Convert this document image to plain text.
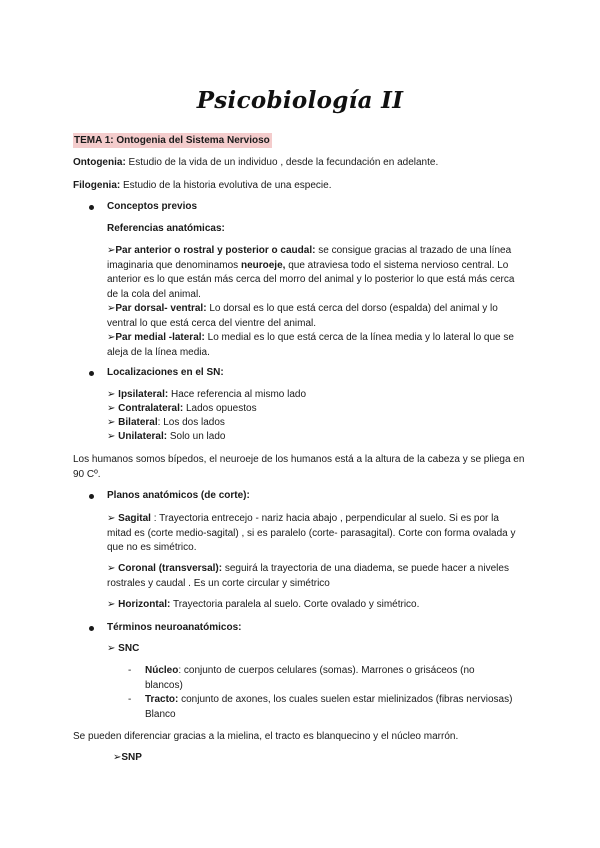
Psicobiología II
TEMA 1: Ontogenia del Sistema Nervioso
Ontogenia: Estudio de la vida de un individuo , desde la fecundación en adelante.
Filogenia: Estudio de la historia evolutiva de una especie.
Conceptos previos
Referencias anatómicas:
➢Par anterior o rostral y posterior o caudal: se consigue gracias al trazado de una línea imaginaria que denominamos neuroeje, que atraviesa todo el sistema nervioso central. Lo anterior es lo que están más cerca del morro del animal y lo posterior lo que está más cerca de la cola del animal.
➢Par dorsal- ventral: Lo dorsal es lo que está cerca del dorso (espalda) del animal y lo ventral lo que está cerca del vientre del animal.
➢Par medial -lateral: Lo medial es lo que está cerca de la línea media y lo lateral lo que se aleja de la línea media.
Localizaciones en el SN:
➢ Ipsilateral: Hace referencia al mismo lado
➢ Contralateral: Lados opuestos
➢ Bilateral: Los dos lados
➢ Unilateral: Solo un lado
Los humanos somos bípedos, el neuroeje de los humanos está a la altura de la cabeza y se pliega en 90 Cº.
Planos anatómicos (de corte):
➢ Sagital : Trayectoria entrecejo - nariz hacia abajo , perpendicular al suelo. Si es por la mitad es (corte medio-sagital) , si es paralelo (corte- parasagital). Corte con forma ovalada y que no es simétrico.
➢ Coronal (transversal): seguirá la trayectoria de una diadema, se puede hacer a niveles rostrales y caudal . Es un corte circular y simétrico
➢ Horizontal: Trayectoria paralela al suelo. Corte ovalado y simétrico.
Términos neuroanatómicos:
➢ SNC
- Núcleo: conjunto de cuerpos celulares (somas). Marrones o grisáceos (no blancos)
- Tracto: conjunto de axones, los cuales suelen estar mielinizados (fibras nerviosas) Blanco
Se pueden diferenciar gracias a la mielina, el tracto es blanquecino y el núcleo marrón.
➢SNP
